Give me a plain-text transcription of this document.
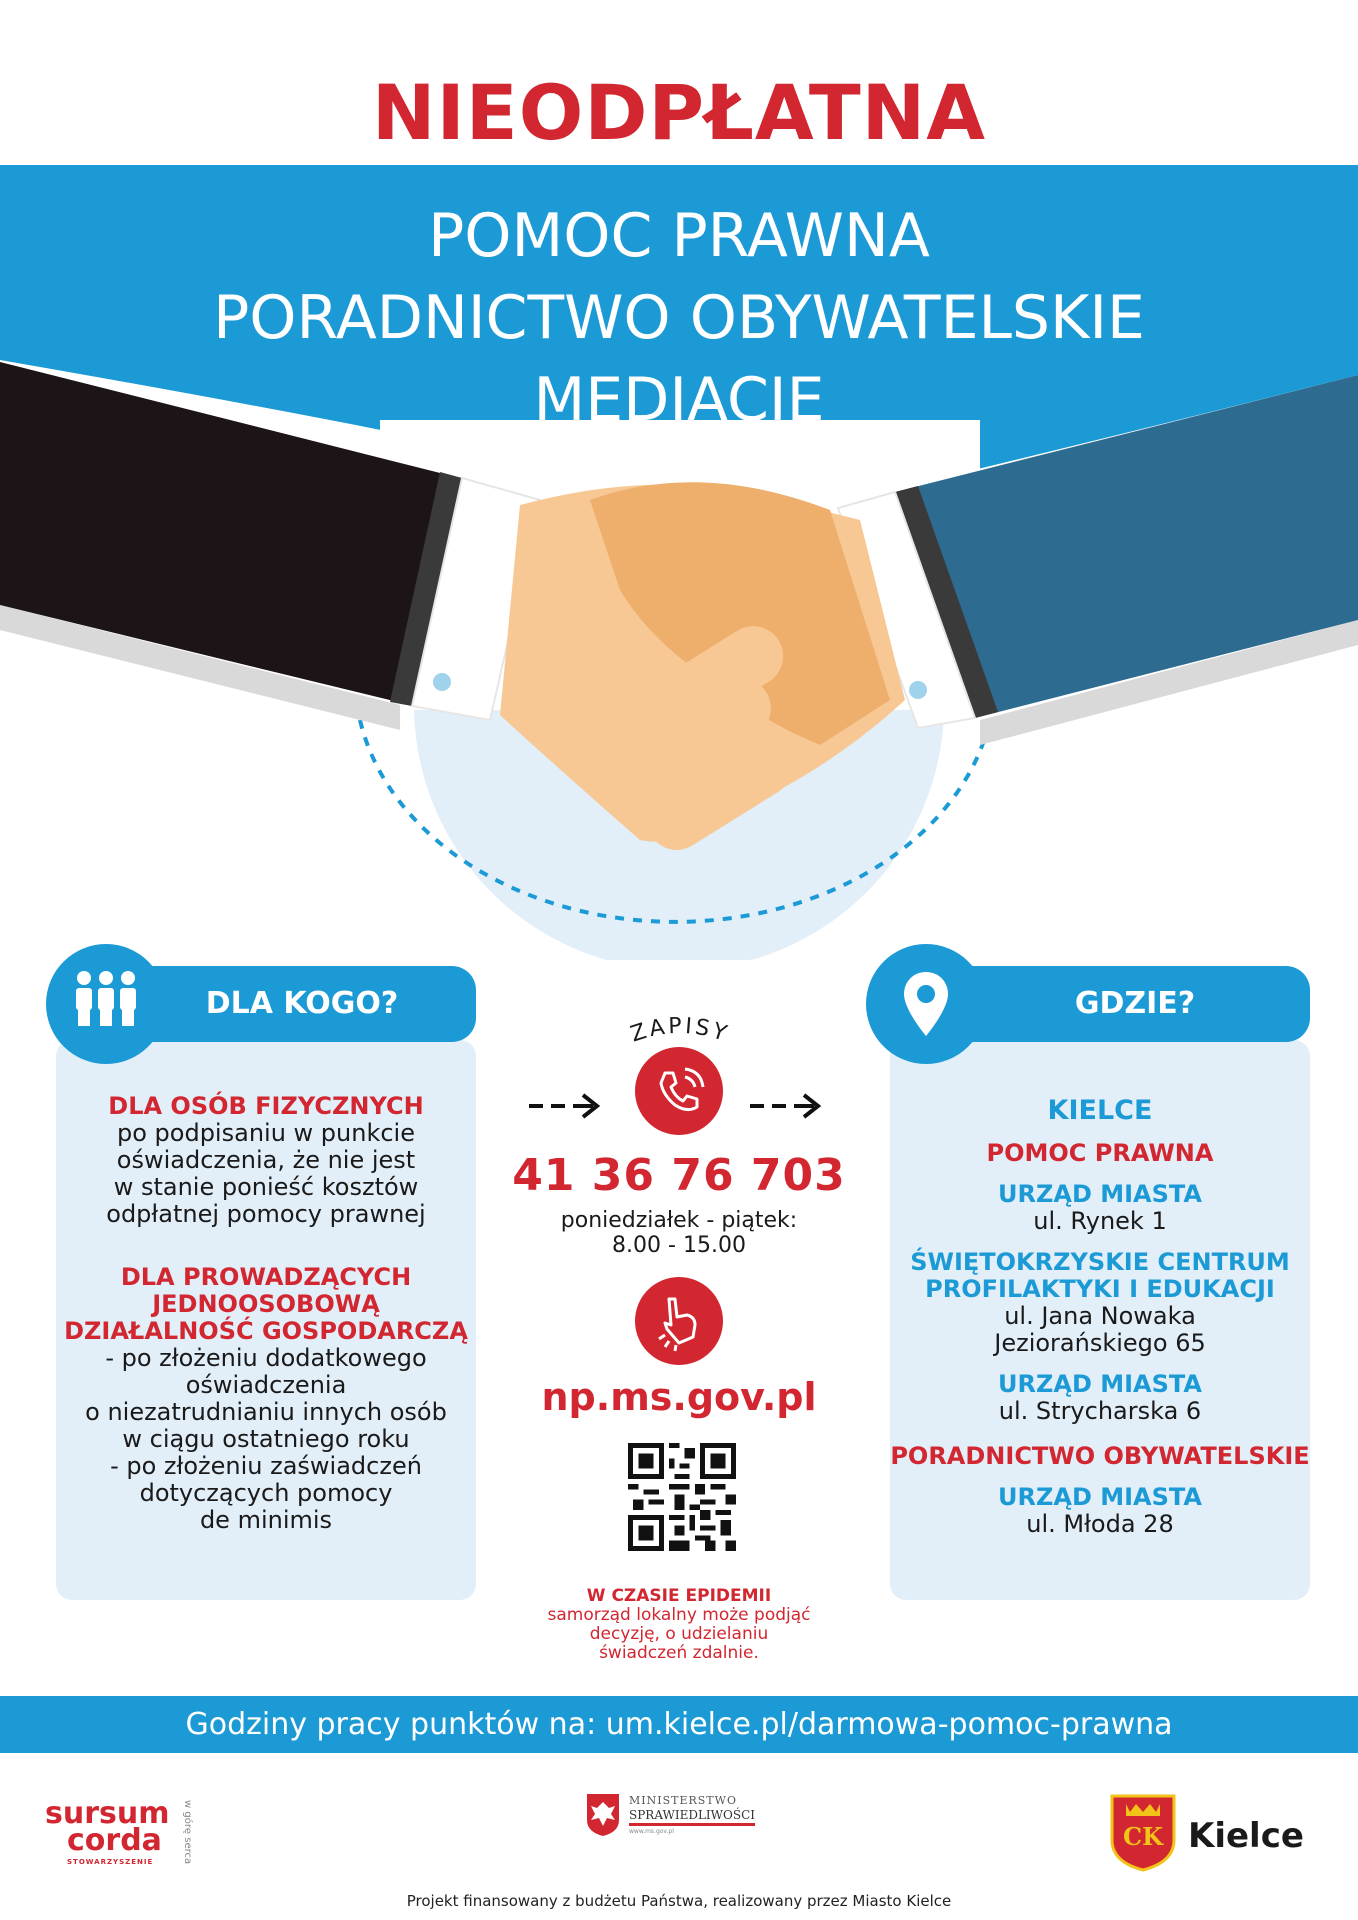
NIEODPŁATNA
POMOC PRAWNA
PORADNICTWO OBYWATELSKIE
MEDIACJE
DLA KOGO?
DLA OSÓB FIZYCZNYCH
po podpisaniu w punkcie
oświadczenia, że nie jest
w stanie ponieść kosztów
odpłatnej pomocy prawnej
DLA PROWADZĄCYCH
JEDNOOSOBOWĄ
DZIAŁALNOŚĆ GOSPODARCZĄ
- po złożeniu dodatkowego
oświadczenia
o niezatrudnianiu innych osób
w ciągu ostatniego roku
- po złożeniu zaświadczeń
dotyczących pomocy
de minimis
ZAPISY
41 36 76 703
poniedziałek - piątek:
8.00 - 15.00
np.ms.gov.pl
W CZASIE EPIDEMII
samorząd lokalny może podjąć
decyzję, o udzielaniu
świadczeń zdalnie.
GDZIE?
KIELCE
POMOC PRAWNA
URZĄD MIASTA
ul. Rynek 1
ŚWIĘTOKRZYSKIE CENTRUM
PROFILAKTYKI I EDUKACJI
ul. Jana Nowaka
Jeziorańskiego 65
URZĄD MIASTA
ul. Strycharska 6
PORADNICTWO OBYWATELSKIE
URZĄD MIASTA
ul. Młoda 28
Godziny pracy punktów na: um.kielce.pl/darmowa-pomoc-prawna
sursum
corda
STOWARZYSZENIE	w górę serca	MINISTERSTWO
SPRAWIEDLIWOŚCI
www.ms.gov.pl	CK Kielce
Projekt finansowany z budżetu Państwa, realizowany przez Miasto Kielce
